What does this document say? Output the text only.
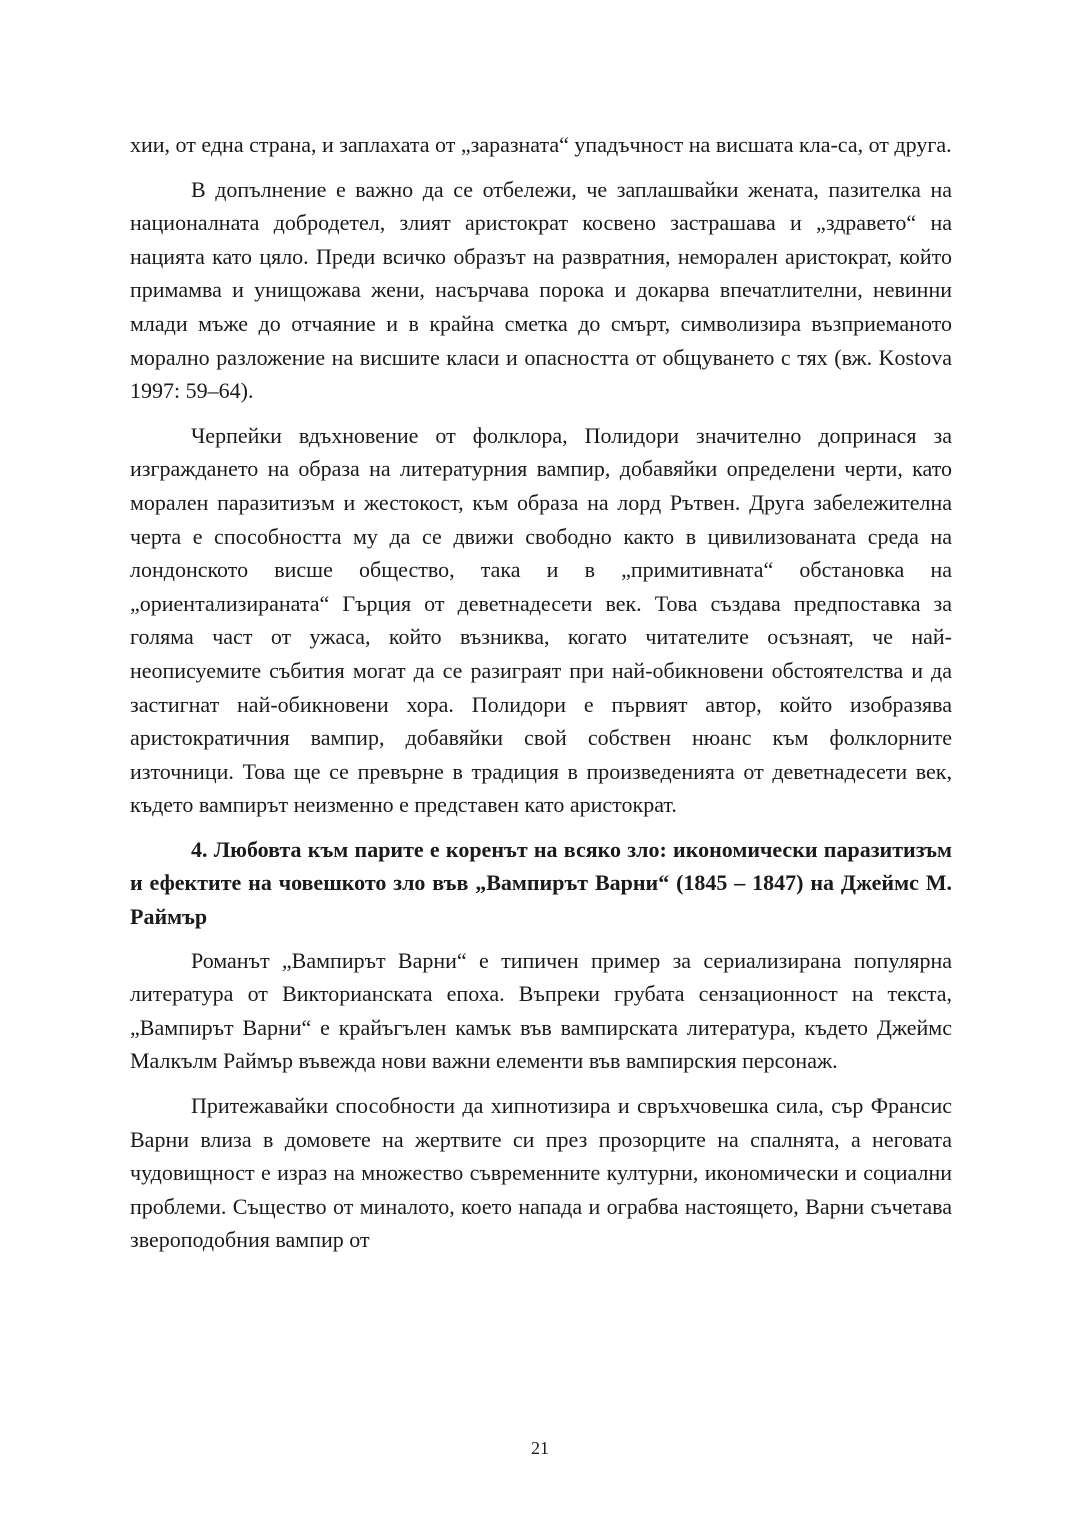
хии, от една страна, и заплахата от „заразната“ упадъчност на висшата кла-са, от друга.

В допълнение е важно да се отбележи, че заплашвайки жената, пазителка на националната добродетел, злият аристократ косвено застрашава и „здравето“ на нацията като цяло. Преди всичко образът на развратния, неморален аристократ, който примамва и унищожава жени, насърчава порока и докарва впечатлителни, невинни млади мъже до отчаяние и в крайна сметка до смърт, символизира възприеманото морално разложение на висшите класи и опасността от общуването с тях (вж. Kostova 1997: 59–64).

Черпейки вдъхновение от фолклора, Полидори значително допринася за изграждането на образа на литературния вампир, добавяйки определени черти, като морален паразитизъм и жестокост, към образа на лорд Рътвен. Друга забележителна черта е способността му да се движи свободно както в цивилизованата среда на лондонското висше общество, така и в „примитивната“ обстановка на „ориентализираната“ Гърция от деветнадесети век. Това създава предпоставка за голяма част от ужаса, който възниква, когато читателите осъзнаят, че най-неописуемите събития могат да се разиграят при най-обикновени обстоятелства и да застигнат най-обикновени хора. Полидори е първият автор, който изобразява аристократичния вампир, добавяйки свой собствен нюанс към фолклорните източници. Това ще се превърне в традиция в произведенията от деветнадесети век, където вампирът неизменно е представен като аристократ.

4. Любовта към парите е коренът на всяко зло: икономически паразитизъм и ефектите на човешкото зло във „Вампирът Варни“ (1845 – 1847) на Джеймс М. Раймър

Романът „Вампирът Варни“ е типичен пример за сериализирана популярна литература от Викторианската епоха. Въпреки грубата сензационност на текста, „Вампирът Варни“ е крайъгълен камък във вампирската литература, където Джеймс Малкълм Раймър въвежда нови важни елементи във вампирския персонаж.

Притежавайки способности да хипнотизира и свръхчовешка сила, сър Франсис Варни влиза в домовете на жертвите си през прозорците на спалнята, а неговата чудовищност е израз на множество съвременните културни, икономически и социални проблеми. Същество от миналото, което напада и ограбва настоящето, Варни съчетава звероподобния вампир от

21
